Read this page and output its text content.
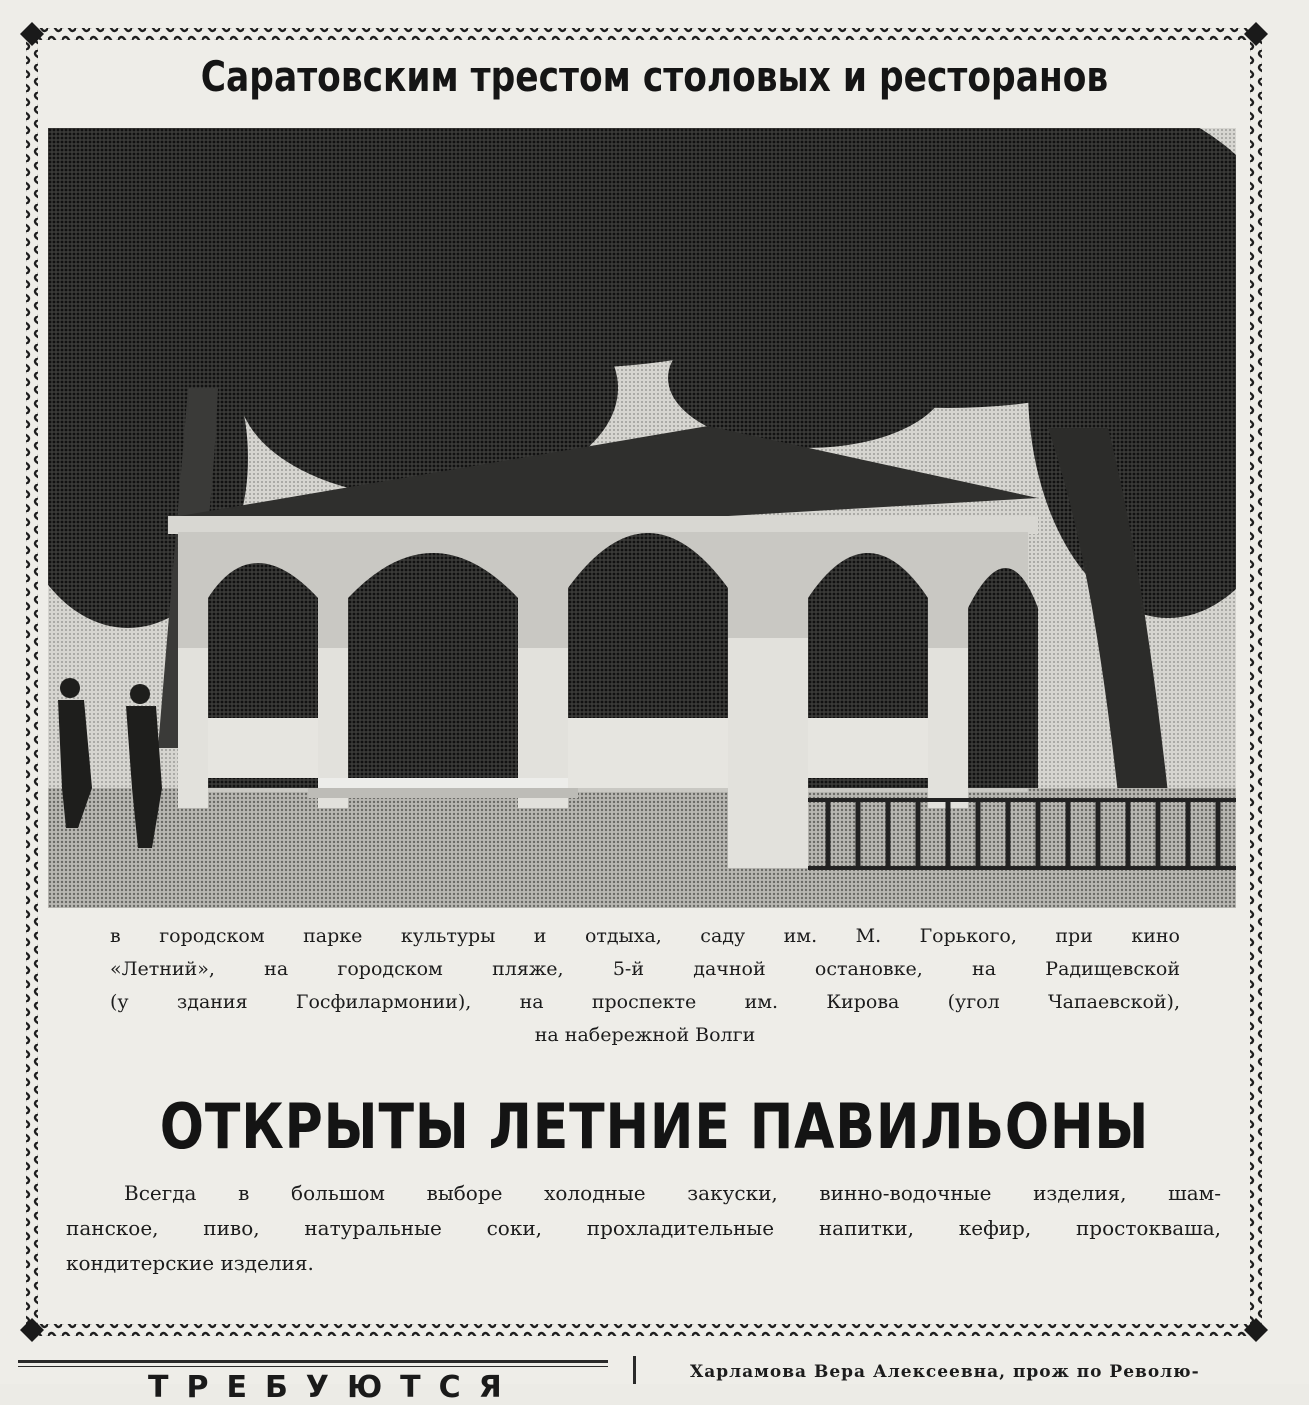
Саратовским трестом столовых и ресторанов
в городском парке культуры и отдыха, саду им. М. Горького, при кино
«Летний», на городском пляже, 5-й дачной остановке, на Радищевской
(у здания Госфилармонии), на проспекте им. Кирова (угол Чапаевской),
на набережной Волги
ОТКРЫТЫ ЛЕТНИЕ ПАВИЛЬОНЫ
Всегда в большом выборе холодные закуски, винно-водочные изделия, шам-
панское, пиво, натуральные соки, прохладительные напитки, кефир, простокваша,
кондитерские изделия.
ТРЕБУЮТСЯ	Харламова Вера Алексеевна, прож по Револю-
